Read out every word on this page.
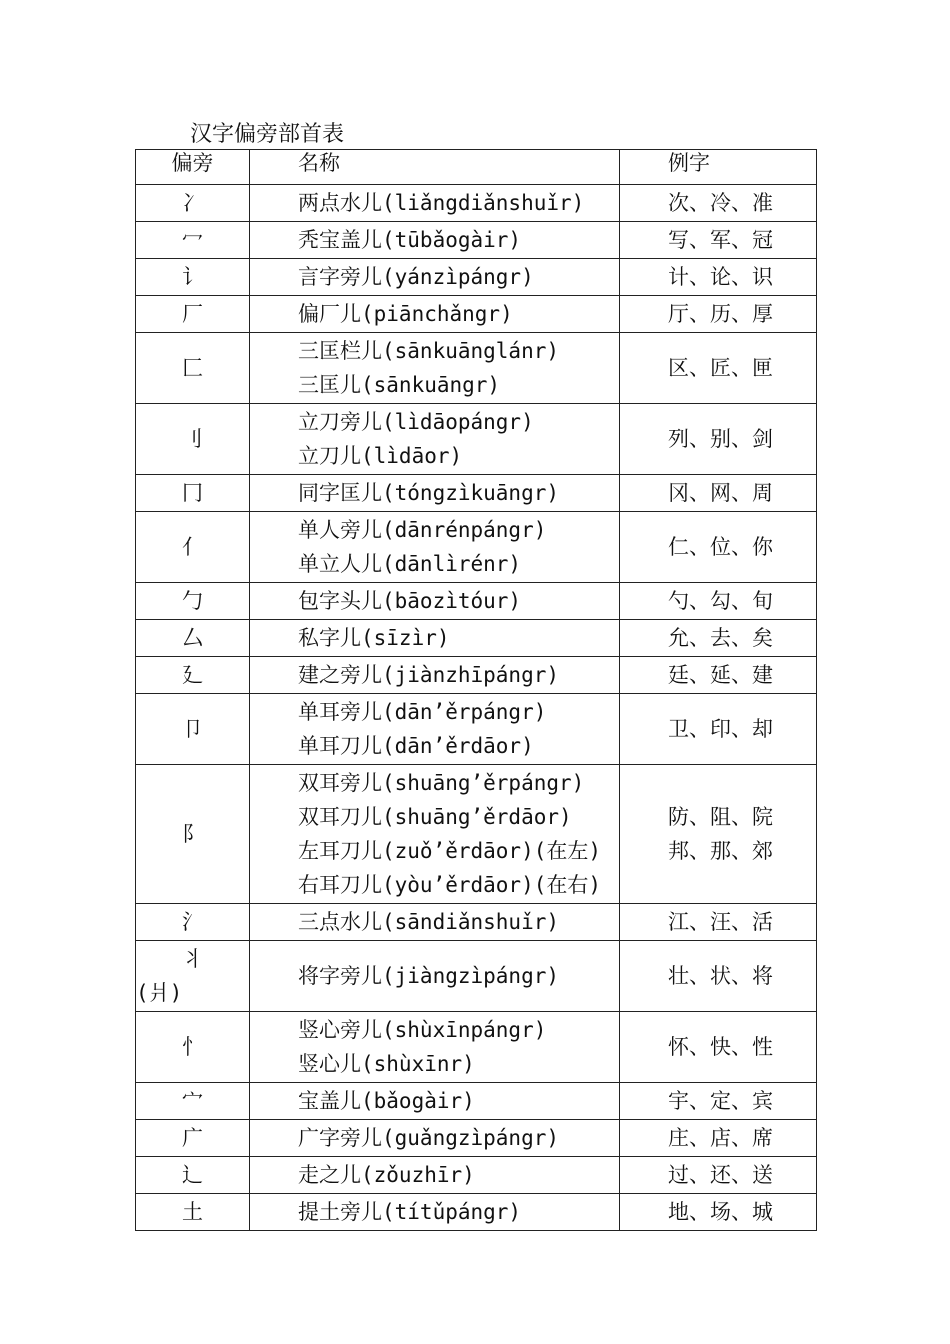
汉字偏旁部首表
偏旁	名称	例字
冫	两点水儿(liǎngdiǎnshuǐr)	次、冷、准

冖	秃宝盖儿(tūbǎogàir)	写、军、冠

讠	言字旁儿(yánzìpángr)	计、论、识

厂	偏厂儿(piānchǎngr)	厅、历、厚

匚	三匡栏儿(sānkuānglánr)
三匡儿(sānkuāngr)	区、匠、匣

刂	立刀旁儿(lìdāopángr)
立刀儿(lìdāor)	列、别、剑

冂	同字匡儿(tóngzìkuāngr)	冈、网、周

亻	单人旁儿(dānrénpángr)
单立人儿(dānlìrénr)	仁、位、你

勹	包字头儿(bāozìtóur)	勺、勾、旬

厶	私字儿(sīzìr)	允、去、矣

廴	建之旁儿(jiànzhīpángr)	廷、延、建

卩	单耳旁儿(dān’ěrpángr)
单耳刀儿(dān’ěrdāor)	卫、印、却

阝	双耳旁儿(shuāng’ěrpángr)
双耳刀儿(shuāng’ěrdāor)
左耳刀儿(zuǒ’ěrdāor)(在左)
右耳刀儿(yòu’ěrdāor)(在右)	防、阻、院
邦、那、郊

氵	三点水儿(sāndiǎnshuǐr)	江、汪、活

丬
(爿)	将字旁儿(jiàngzìpángr)	壮、状、将

忄	竖心旁儿(shùxīnpángr)
竖心儿(shùxīnr)	怀、快、性

宀	宝盖儿(bǎogàir)	宇、定、宾

广	广字旁儿(guǎngzìpángr)	庄、店、席

辶	走之儿(zǒuzhīr)	过、还、送

土	提土旁儿(títǔpángr)	地、场、城
